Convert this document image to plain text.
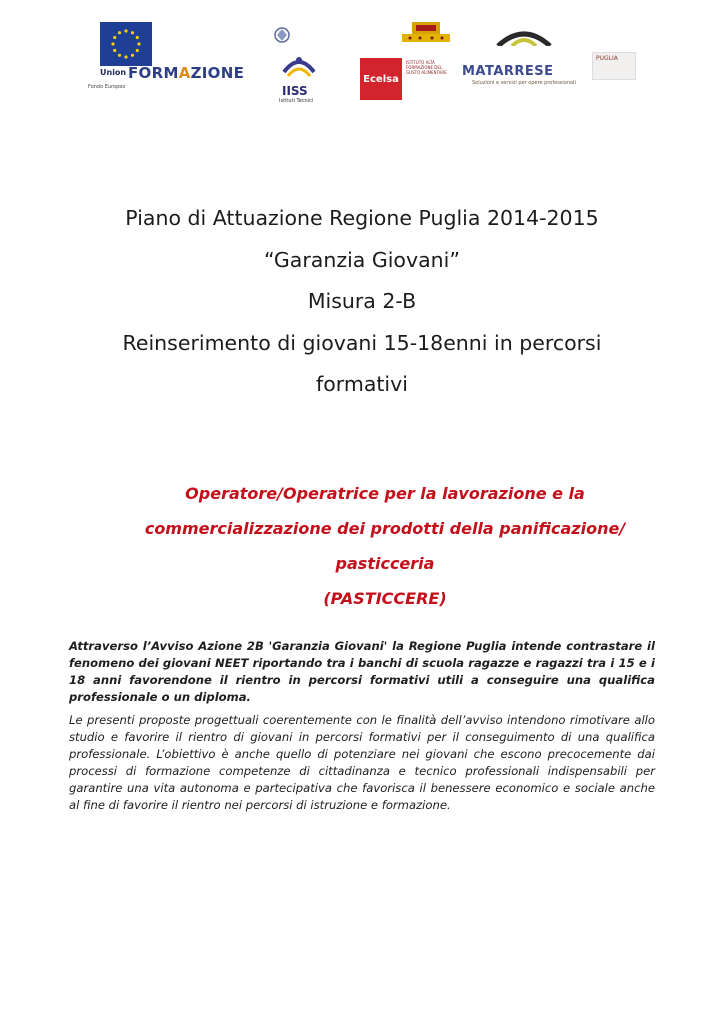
Union
Fondo Europeo
FORMAZIONE
IISS
Istituti Tecnici
Ecelsa
ISTITUTO ALTA FORMAZIONE DEL GUSTO ALIMENTARE	MATARRESE
Soluzioni e servizi per opere professionali
PUGLIA

Piano di Attuazione Regione Puglia 2014-2015

“Garanzia Giovani”

Misura 2-B

Reinserimento di giovani 15-18enni in percorsi

formativi

Operatore/Operatrice per la lavorazione e la

commercializzazione dei prodotti della panificazione/

pasticceria

(PASTICCERE)

Attraverso l’Avviso Azione 2B 'Garanzia Giovani' la Regione Puglia intende contrastare il fenomeno dei giovani NEET riportando tra i banchi di scuola ragazze e ragazzi tra i 15 e i 18 anni favorendone il rientro in percorsi formativi utili a conseguire una qualifica professionale o un diploma.

Le presenti proposte progettuali coerentemente con le finalità dell’avviso intendono rimotivare allo studio e favorire il rientro di giovani in percorsi formativi per il conseguimento di una qualifica professionale. L’obiettivo è anche quello di potenziare nei giovani che escono precocemente dai processi di formazione competenze di cittadinanza e tecnico professionali indispensabili per garantire una vita autonoma e partecipativa che favorisca il benessere economico e sociale anche al fine di favorire il rientro nei percorsi di istruzione e formazione.
